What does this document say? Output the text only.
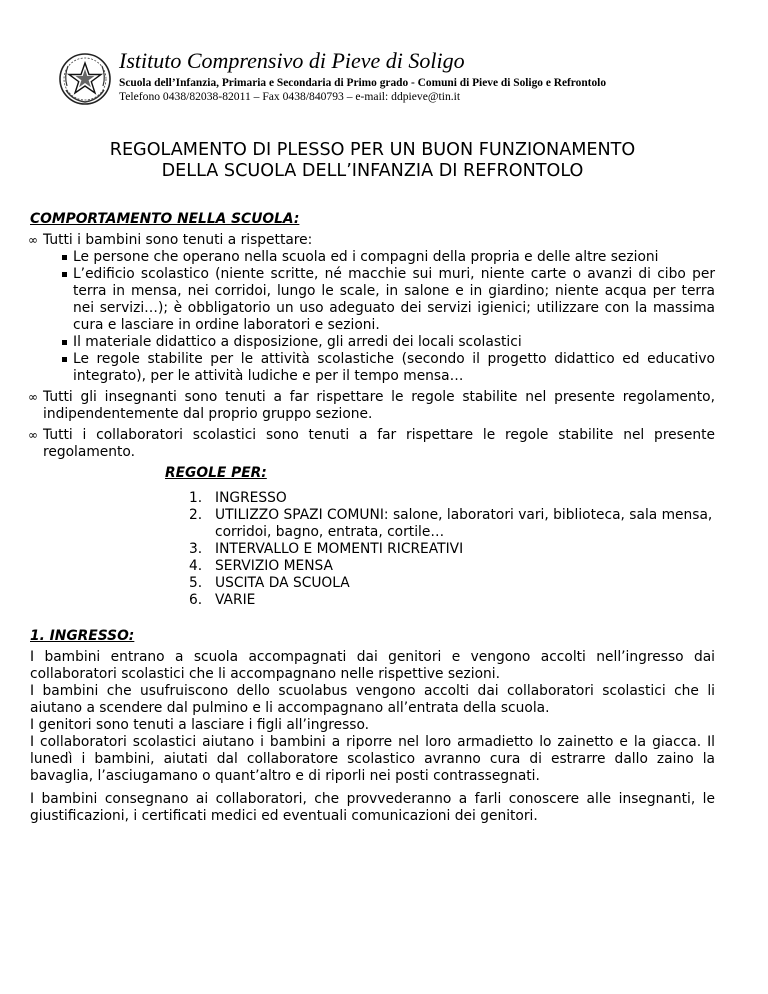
Istituto Comprensivo di Pieve di Soligo
Scuola dell’Infanzia, Primaria e Secondaria di Primo grado - Comuni di Pieve di Soligo e Refrontolo
Telefono 0438/82038-82011 – Fax 0438/840793 – e-mail: ddpieve@tin.it
REGOLAMENTO DI PLESSO PER UN BUON FUNZIONAMENTO
DELLA SCUOLA DELL’INFANZIA DI REFRONTOLO
COMPORTAMENTO NELLA SCUOLA:
∞ Tutti i bambini sono tenuti a rispettare:
Le persone che operano nella scuola ed i compagni della propria e delle altre sezioni
L’edificio scolastico (niente scritte, né macchie sui muri, niente carte o avanzi di cibo per terra in mensa, nei corridoi, lungo le scale, in salone e in giardino; niente acqua per terra nei servizi…); è obbligatorio un uso adeguato dei servizi igienici; utilizzare con la massima cura e lasciare in ordine laboratori e sezioni.
Il materiale didattico a disposizione, gli arredi dei locali scolastici
Le regole stabilite per le attività scolastiche (secondo il progetto didattico ed educativo integrato), per le attività ludiche e per il tempo mensa…
∞ Tutti gli insegnanti sono tenuti a far rispettare le regole stabilite nel presente regolamento, indipendentemente dal proprio gruppo sezione.
∞ Tutti i collaboratori scolastici sono tenuti a far rispettare le regole stabilite nel presente regolamento.
REGOLE PER:
1. INGRESSO
2. UTILIZZO SPAZI COMUNI: salone, laboratori vari, biblioteca, sala mensa, corridoi, bagno, entrata, cortile…
3. INTERVALLO E MOMENTI RICREATIVI
4. SERVIZIO MENSA
5. USCITA DA SCUOLA
6. VARIE
1. INGRESSO:

I bambini entrano a scuola accompagnati dai genitori e vengono accolti nell’ingresso dai collaboratori scolastici che li accompagnano nelle rispettive sezioni.

I bambini che usufruiscono dello scuolabus vengono accolti dai collaboratori scolastici che li aiutano a scendere dal pulmino e li accompagnano all’entrata della scuola.

I genitori sono tenuti a lasciare i figli all’ingresso.

I collaboratori scolastici aiutano i bambini a riporre nel loro armadietto lo zainetto e la giacca. Il lunedì i bambini, aiutati dal collaboratore scolastico avranno cura di estrarre dallo zaino la bavaglia, l’asciugamano o quant’altro e di riporli nei posti contrassegnati.

I bambini consegnano ai collaboratori, che provvederanno a farli conoscere alle insegnanti, le giustificazioni, i certificati medici ed eventuali comunicazioni dei genitori.
